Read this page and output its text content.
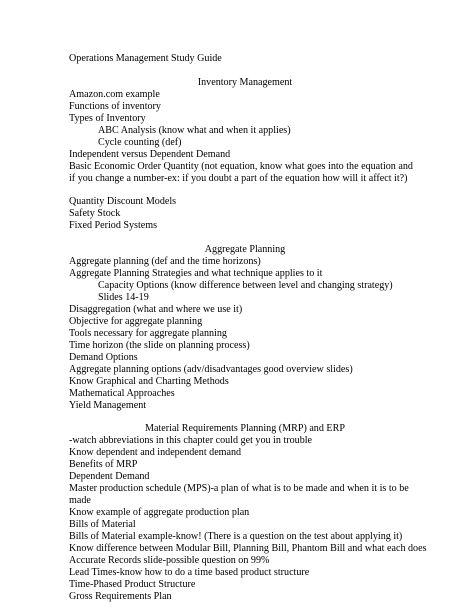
Operations Management Study Guide
Inventory Management
Amazon.com example
Functions of inventory
Types of Inventory
ABC Analysis (know what and when it applies)
Cycle counting (def)
Independent versus Dependent Demand
Basic Economic Order Quantity (not equation, know what goes into the equation and if you change a number-ex: if you doubt a part of the equation how will it affect it?)
Quantity Discount Models
Safety Stock
Fixed Period Systems
Aggregate Planning
Aggregate planning (def and the time horizons)
Aggregate Planning Strategies and what technique applies to it
Capacity Options (know difference between level and changing strategy)
Slides 14-19
Disaggregation (what and where we use it)
Objective for aggregate planning
Tools necessary for aggregate planning
Time horizon (the slide on planning process)
Demand Options
Aggregate planning options (adv/disadvantages good overview slides)
Know Graphical and Charting Methods
Mathematical Approaches
Yield Management
Material Requirements Planning (MRP) and ERP
-watch abbreviations in this chapter could get you in trouble
Know dependent and independent demand
Benefits of MRP
Dependent Demand
Master production schedule (MPS)-a plan of what is to be made and when it is to be made
Know example of aggregate production plan
Bills of Material
Bills of Material example-know! (There is a question on the test about applying it)
Know difference between Modular Bill, Planning Bill, Phantom Bill and what each does
Accurate Records slide-possible question on 99%
Lead Times-know how to do a time based product structure
Time-Phased Product Structure
Gross Requirements Plan
